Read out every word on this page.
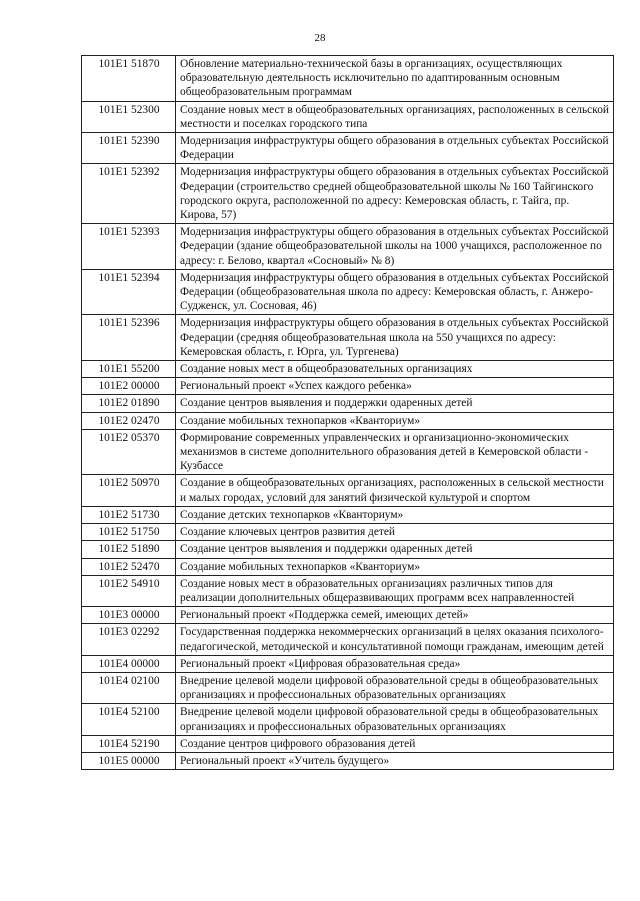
28
101E1 51870	Обновление материально-технической базы в организациях, осуществляющих образовательную деятельность исключительно по адаптированным основным общеобразовательным программам
101E1 52300	Создание новых мест в общеобразовательных организациях, расположенных в сельской местности и поселках городского типа
101E1 52390	Модернизация инфраструктуры общего образования в отдельных субъектах Российской Федерации
101E1 52392	Модернизация инфраструктуры общего образования в отдельных субъектах Российской Федерации (строительство средней общеобразовательной школы № 160 Тайгинского городского округа, расположенной по адресу: Кемеровская область, г. Тайга, пр. Кирова, 57)
101E1 52393	Модернизация инфраструктуры общего образования в отдельных субъектах Российской Федерации (здание общеобразовательной школы на 1000 учащихся, расположенное по адресу: г. Белово, квартал «Сосновый» № 8)
101E1 52394	Модернизация инфраструктуры общего образования в отдельных субъектах Российской Федерации (общеобразовательная школа по адресу: Кемеровская область, г. Анжеро-Судженск, ул. Сосновая, 46)
101E1 52396	Модернизация инфраструктуры общего образования в отдельных субъектах Российской Федерации (средняя общеобразовательная школа на 550 учащихся по адресу: Кемеровская область, г. Юрга, ул. Тургенева)
101E1 55200	Создание новых мест в общеобразовательных организациях
101E2 00000	Региональный проект «Успех каждого ребенка»
101E2 01890	Создание центров выявления и поддержки одаренных детей
101E2 02470	Создание мобильных технопарков «Кванториум»
101E2 05370	Формирование современных управленческих и организационно-экономических механизмов в системе дополнительного образования детей в Кемеровской области - Кузбассе
101E2 50970	Создание в общеобразовательных организациях, расположенных в сельской местности и малых городах, условий для занятий физической культурой и спортом
101E2 51730	Создание детских технопарков «Кванториум»
101E2 51750	Создание ключевых центров развития детей
101E2 51890	Создание центров выявления и поддержки одаренных детей
101E2 52470	Создание мобильных технопарков «Кванториум»
101E2 54910	Создание новых мест в образовательных организациях различных типов для реализации дополнительных общеразвивающих программ всех направленностей
101E3 00000	Региональный проект «Поддержка семей, имеющих детей»
101E3 02292	Государственная поддержка некоммерческих организаций в целях оказания психолого-педагогической, методической и консультативной помощи гражданам, имеющим детей
101E4 00000	Региональный проект «Цифровая образовательная среда»
101E4 02100	Внедрение целевой модели цифровой образовательной среды в общеобразовательных организациях и профессиональных образовательных организациях
101E4 52100	Внедрение целевой модели цифровой образовательной среды в общеобразовательных организациях и профессиональных образовательных организациях
101E4 52190	Создание центров цифрового образования детей
101E5 00000	Региональный проект «Учитель будущего»
